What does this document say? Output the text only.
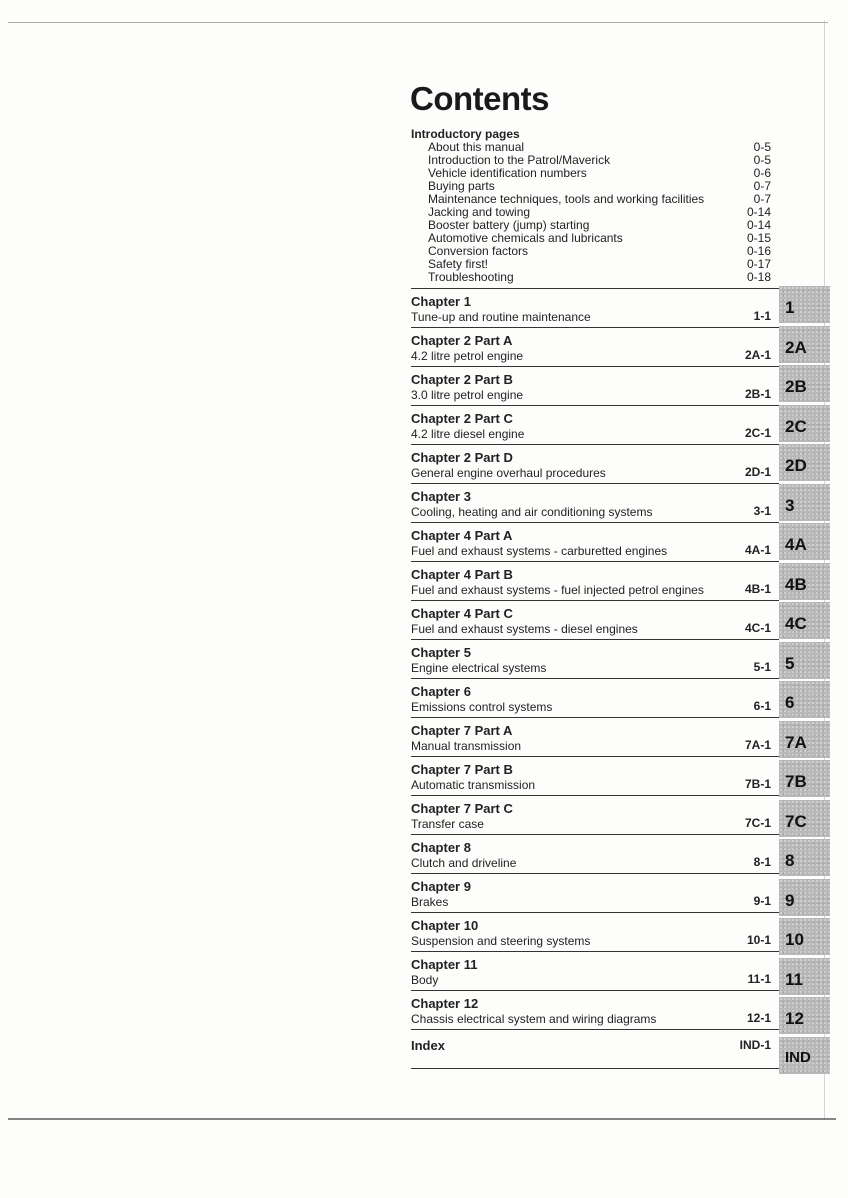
Contents
Introductory pages
About this manual	0-5
Introduction to the Patrol/Maverick	0-5
Vehicle identification numbers	0-6
Buying parts	0-7
Maintenance techniques, tools and working facilities	0-7
Jacking and towing	0-14
Booster battery (jump) starting	0-14
Automotive chemicals and lubricants	0-15
Conversion factors	0-16
Safety first!	0-17
Troubleshooting	0-18
Chapter 1
Tune-up and routine maintenance	1-1
Chapter 2 Part A
4.2 litre petrol engine	2A-1
Chapter 2 Part B
3.0 litre petrol engine	2B-1
Chapter 2 Part C
4.2 litre diesel engine	2C-1
Chapter 2 Part D
General engine overhaul procedures	2D-1
Chapter 3
Cooling, heating and air conditioning systems	3-1
Chapter 4 Part A
Fuel and exhaust systems - carburetted engines	4A-1
Chapter 4 Part B
Fuel and exhaust systems - fuel injected petrol engines	4B-1
Chapter 4 Part C
Fuel and exhaust systems - diesel engines	4C-1
Chapter 5
Engine electrical systems	5-1
Chapter 6
Emissions control systems	6-1
Chapter 7 Part A
Manual transmission	7A-1
Chapter 7 Part B
Automatic transmission	7B-1
Chapter 7 Part C
Transfer case	7C-1
Chapter 8
Clutch and driveline	8-1
Chapter 9
Brakes	9-1
Chapter 10
Suspension and steering systems	10-1
Chapter 11
Body	11-1
Chapter 12
Chassis electrical system and wiring diagrams	12-1
Index	IND-1
1
2A
2B
2C
2D
3
4A
4B
4C
5
6
7A
7B
7C
8
9
10
11
12
IND
